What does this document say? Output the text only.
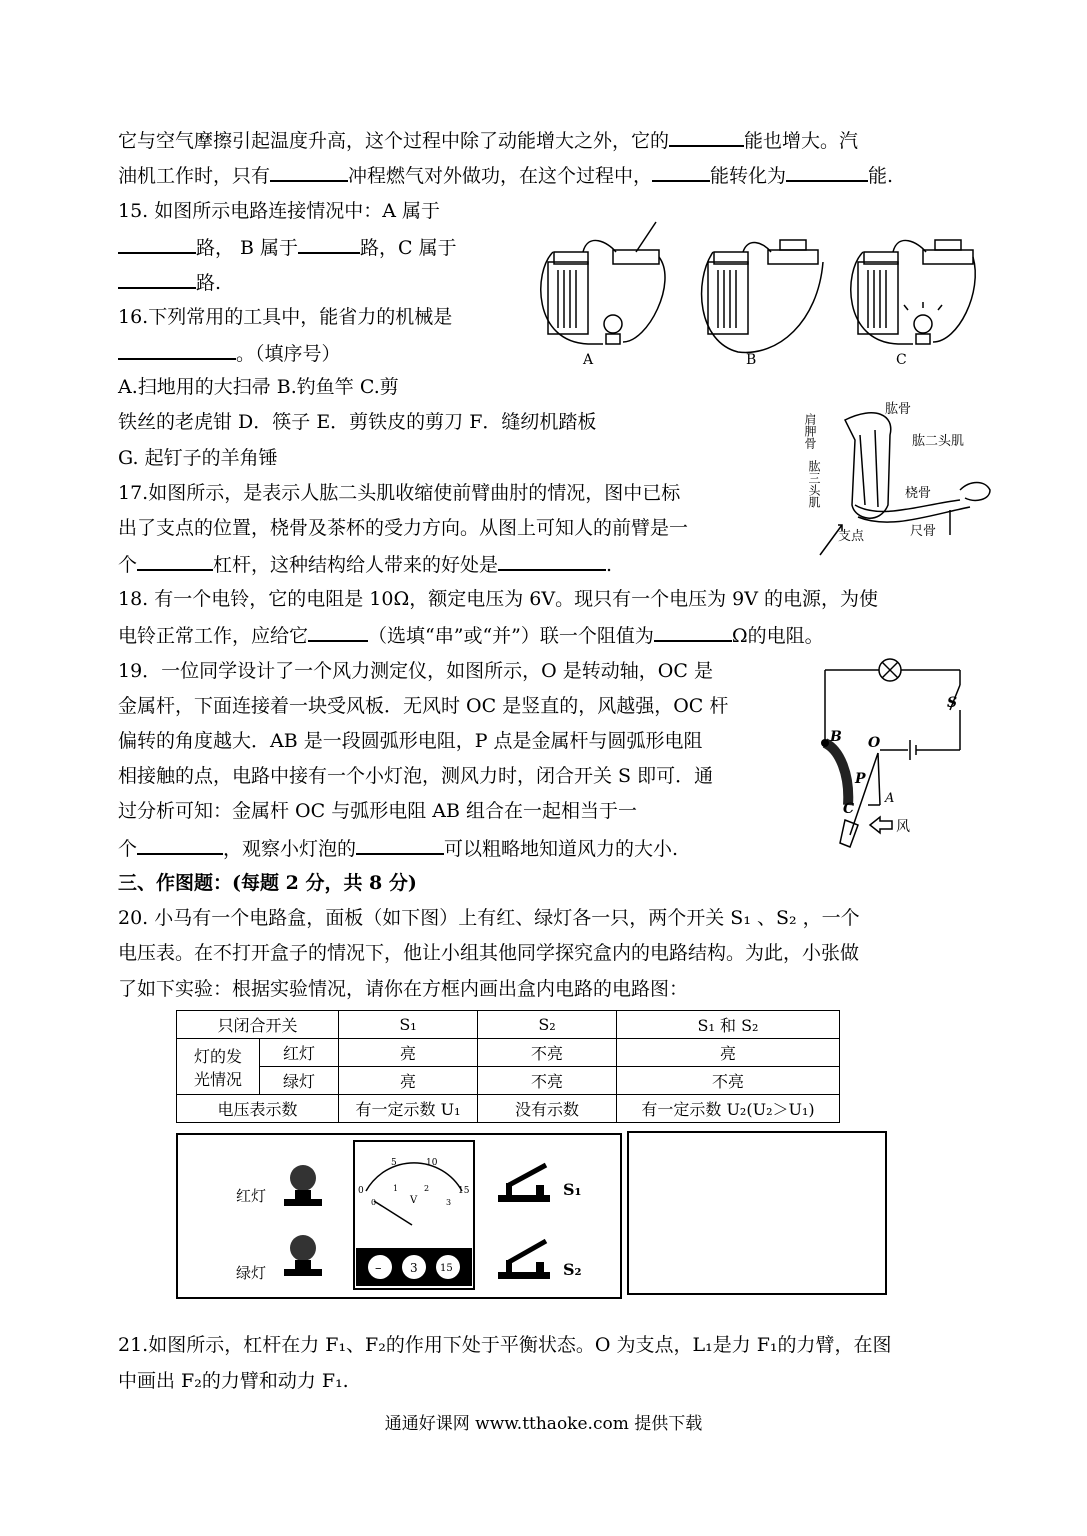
它与空气摩擦引起温度升高，这个过程中除了动能增大之外，它的	能也增大。汽
油机工作时，只有	冲程燃气对外做功，在这个过程中，	能转化为	能.
15. 如图所示电路连接情况中：A 属于
路， B 属于	路，C 属于
路.
A	B	C
16.下列常用的工具中，能省力的机械是
。（填序号）
A.扫地用的大扫帚 B.钓鱼竿 C.剪
铁丝的老虎钳 D．筷子 E．剪铁皮的剪刀 F．缝纫机踏板
G. 起钉子的羊角锤
肩胛骨
肱骨
肱二头肌
肱三头肌	桡骨
尺骨
支点
17.如图所示，是表示人肱二头肌收缩使前臂曲肘的情况，图中已标
出了支点的位置，桡骨及茶杯的受力方向。从图上可知人的前臂是一
个	杠杆，这种结构给人带来的好处是	.
18. 有一个电铃，它的电阻是 10Ω，额定电压为 6V。现只有一个电压为 9V 的电源，为使
电铃正常工作，应给它	（选填“串”或“并”）联一个阻值为	Ω的电阻。
19．一位同学设计了一个风力测定仪，如图所示，O 是转动轴，OC 是
金属杆，下面连接着一块受风板．无风时 OC 是竖直的，风越强，OC 杆
偏转的角度越大．AB 是一段圆弧形电阻，P 点是金属杆与圆弧形电阻
相接触的点，电路中接有一个小灯泡，测风力时，闭合开关 S 即可．通
过分析可知：金属杆 OC 与弧形电阻 AB 组合在一起相当于一
个	，观察小灯泡的	可以粗略地知道风力的大小.
B O
P
C
A
S
风
三、作图题：(每题 2 分，共 8 分)
20. 小马有一个电路盒，面板（如下图）上有红、绿灯各一只，两个开关 S₁ 、S₂ ，一个
电压表。在不打开盒子的情况下，他让小组其他同学探究盒内的电路结构。为此，小张做
了如下实验：根据实验情况，请你在方框内画出盒内电路的电路图：
只闭合开关		S₁	S₂	S₁ 和 S₂
灯的发
光情况	红灯	亮	不亮	亮
	绿灯	亮	不亮	不亮
电压表示数		有一定示数 U₁	没有示数	有一定示数 U₂(U₂＞U₁)
红灯
绿灯
0
5	10
15
0
1	2
3
V
– 3 15
S₁
S₂
21.如图所示，杠杆在力 F₁、F₂的作用下处于平衡状态。O 为支点，L₁是力 F₁的力臂，在图
中画出 F₂的力臂和动力 F₁.
通通好课网 www.tthaoke.com 提供下载
